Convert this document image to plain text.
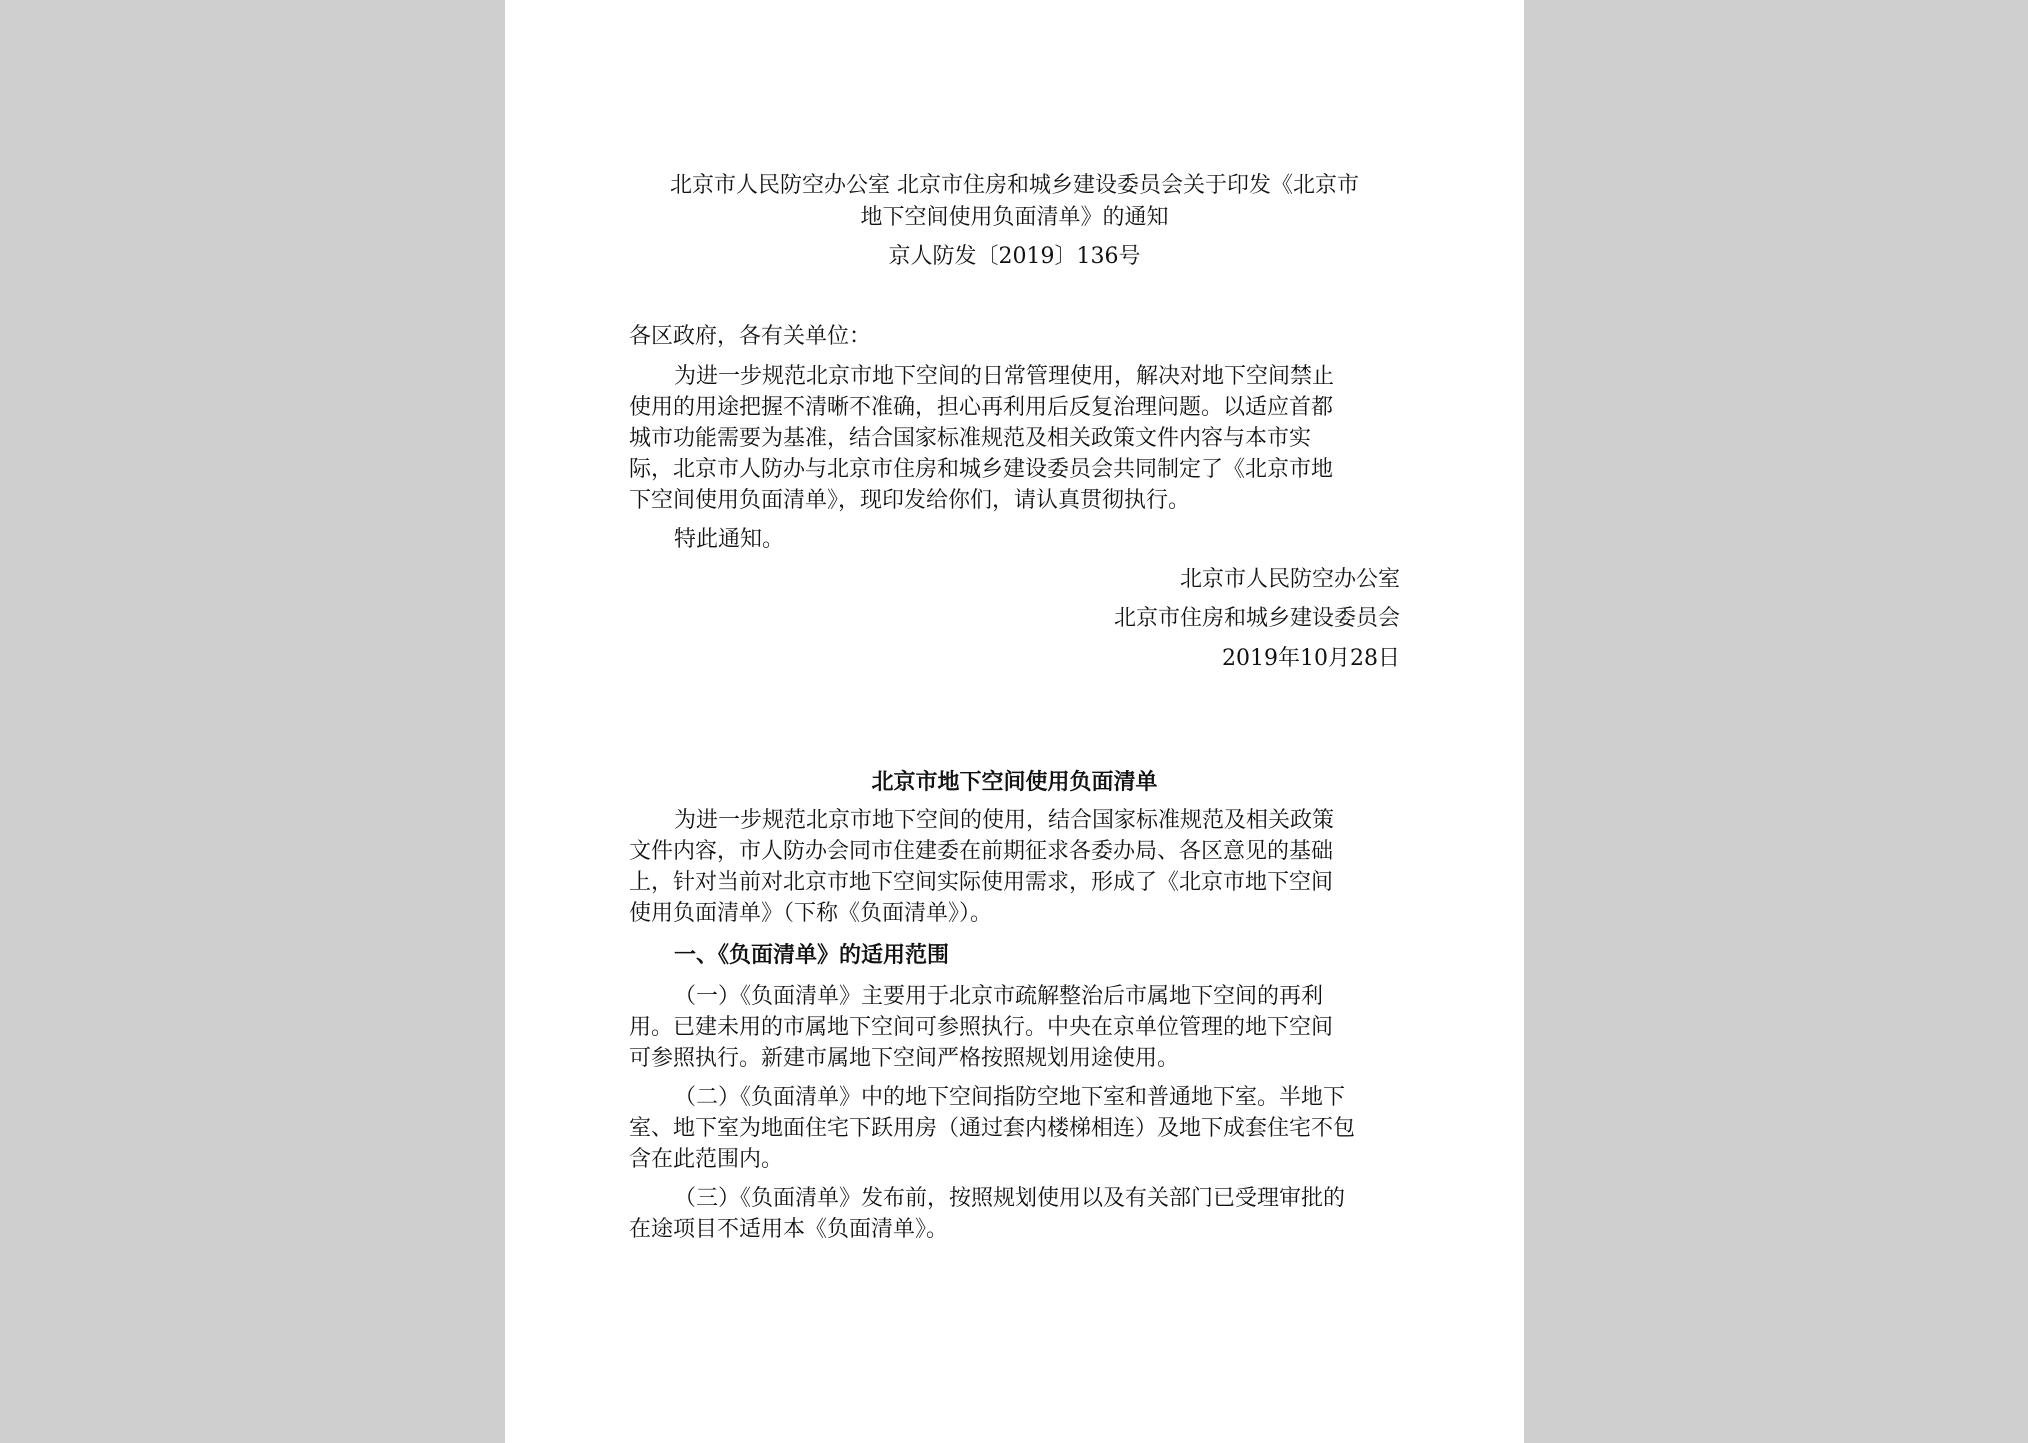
北京市人民防空办公室 北京市住房和城乡建设委员会关于印发《北京市
地下空间使用负面清单》的通知
京人防发〔2019〕136号
各区政府，各有关单位：
为进一步规范北京市地下空间的日常管理使用，解决对地下空间禁止
使用的用途把握不清晰不准确，担心再利用后反复治理问题。以适应首都
城市功能需要为基准，结合国家标准规范及相关政策文件内容与本市实
际，北京市人防办与北京市住房和城乡建设委员会共同制定了《北京市地
下空间使用负面清单》，现印发给你们，请认真贯彻执行。
特此通知。
北京市人民防空办公室
北京市住房和城乡建设委员会
2019年10月28日
北京市地下空间使用负面清单
为进一步规范北京市地下空间的使用，结合国家标准规范及相关政策
文件内容，市人防办会同市住建委在前期征求各委办局、各区意见的基础
上，针对当前对北京市地下空间实际使用需求，形成了《北京市地下空间
使用负面清单》（下称《负面清单》）。
一、《负面清单》的适用范围
（一）《负面清单》主要用于北京市疏解整治后市属地下空间的再利
用。已建未用的市属地下空间可参照执行。中央在京单位管理的地下空间
可参照执行。新建市属地下空间严格按照规划用途使用。
（二）《负面清单》中的地下空间指防空地下室和普通地下室。半地下
室、地下室为地面住宅下跃用房（通过套内楼梯相连）及地下成套住宅不包
含在此范围内。
（三）《负面清单》发布前，按照规划使用以及有关部门已受理审批的
在途项目不适用本《负面清单》。
